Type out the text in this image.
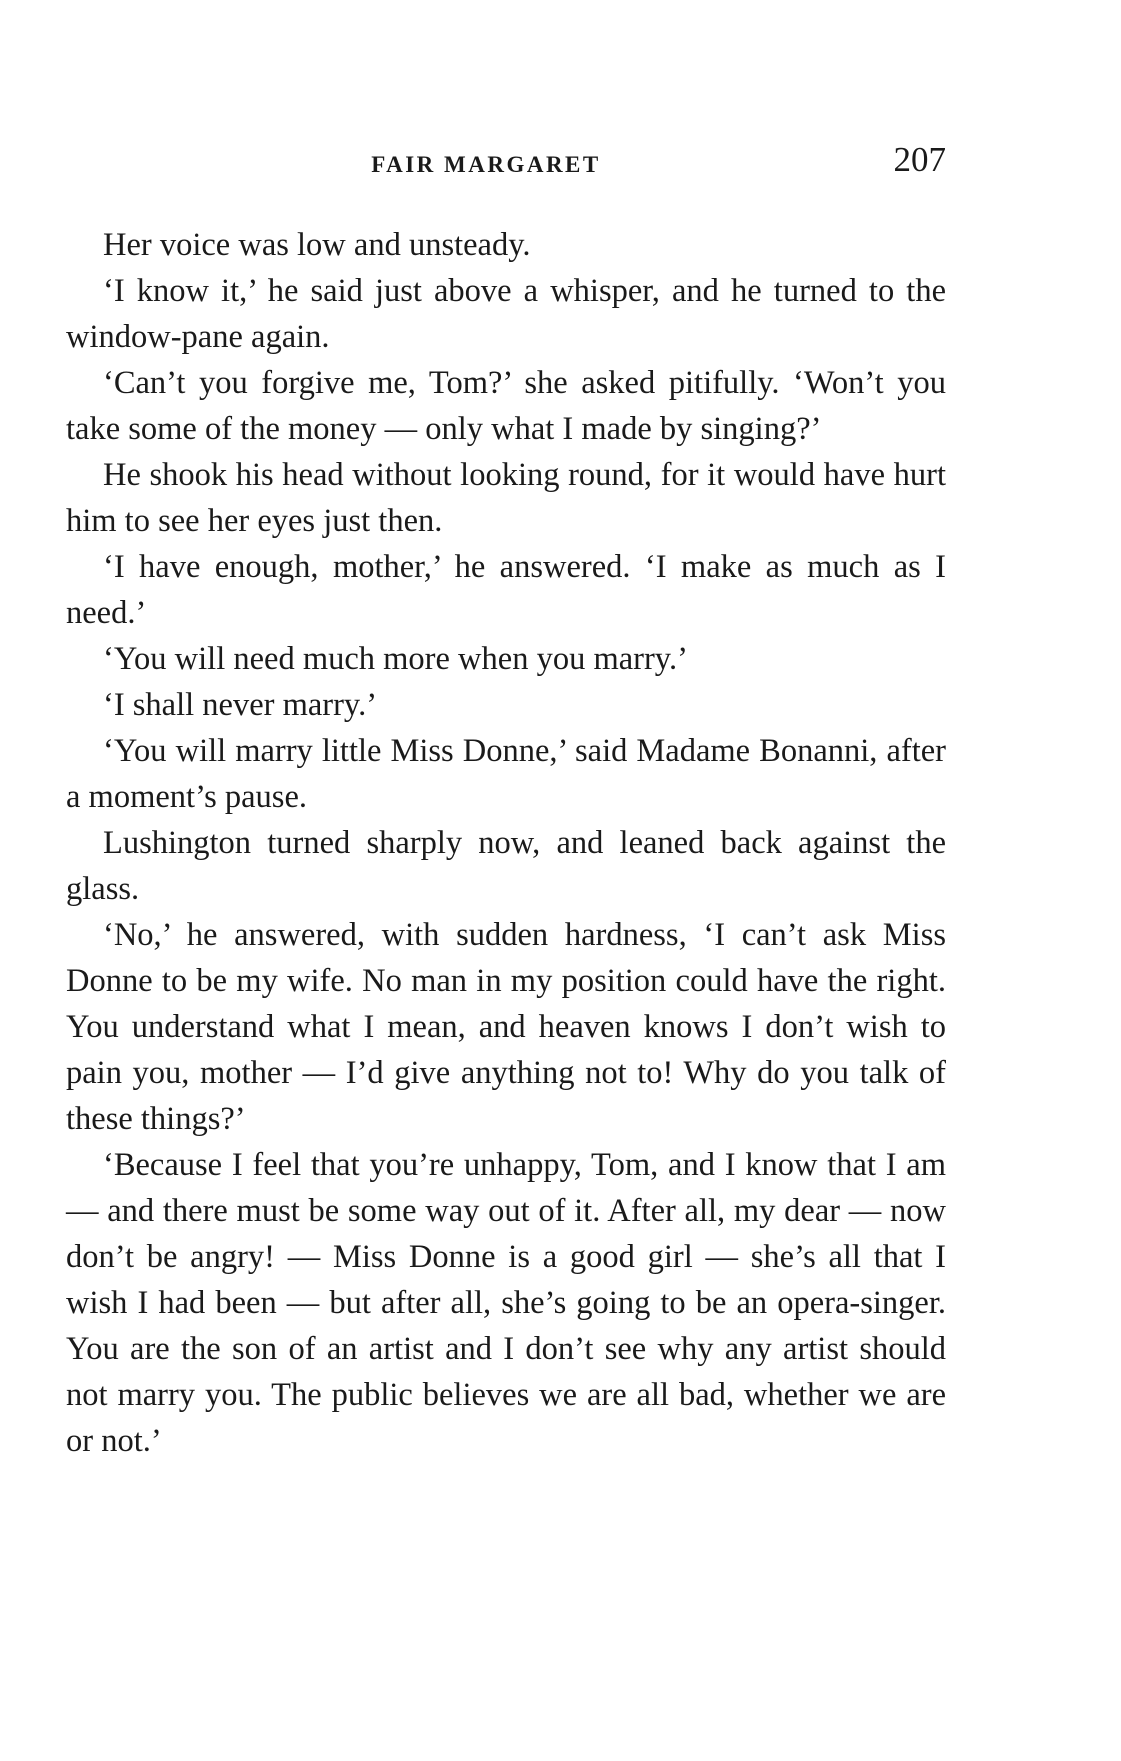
FAIR MARGARET	207

Her voice was low and unsteady.

‘I know it,’ he said just above a whisper, and he turned to the window-pane again.

‘Can’t you forgive me, Tom?’ she asked pitifully. ‘Won’t you take some of the money — only what I made by singing?’

He shook his head without looking round, for it would have hurt him to see her eyes just then.

‘I have enough, mother,’ he answered. ‘I make as much as I need.’

‘You will need much more when you marry.’

‘I shall never marry.’

‘You will marry little Miss Donne,’ said Madame Bonanni, after a moment’s pause.

Lushington turned sharply now, and leaned back against the glass.

‘No,’ he answered, with sudden hardness, ‘I can’t ask Miss Donne to be my wife. No man in my position could have the right. You understand what I mean, and heaven knows I don’t wish to pain you, mother — I’d give anything not to! Why do you talk of these things?’

‘Because I feel that you’re unhappy, Tom, and I know that I am — and there must be some way out of it. After all, my dear — now don’t be angry! — Miss Donne is a good girl — she’s all that I wish I had been — but after all, she’s going to be an opera-singer. You are the son of an artist and I don’t see why any artist should not marry you. The public believes we are all bad, whether we are or not.’
